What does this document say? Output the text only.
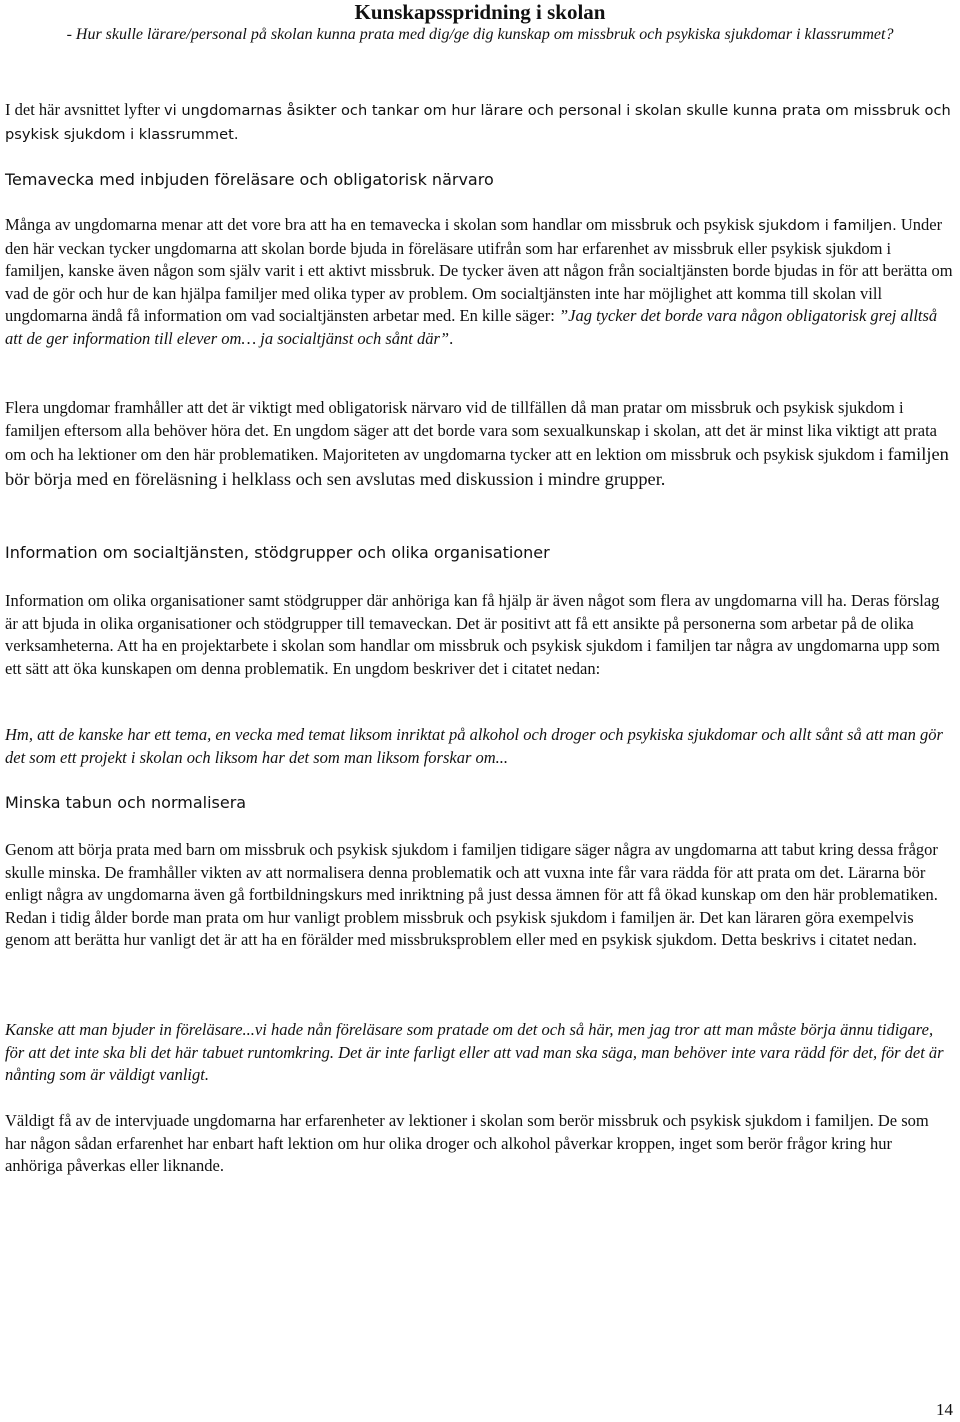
Kunskapsspridning i skolan
- Hur skulle lärare/personal på skolan kunna prata med dig/ge dig kunskap om missbruk och psykiska sjukdomar i klassrummet?

I det här avsnittet lyfter vi ungdomarnas åsikter och tankar om hur lärare och personal i skolan skulle kunna prata om missbruk och psykisk sjukdom i klassrummet.

Temavecka med inbjuden föreläsare och obligatorisk närvaro

Många av ungdomarna menar att det vore bra att ha en temavecka i skolan som handlar om missbruk och psykisk sjukdom i familjen. Under den här veckan tycker ungdomarna att skolan borde bjuda in föreläsare utifrån som har erfarenhet av missbruk eller psykisk sjukdom i familjen, kanske även någon som själv varit i ett aktivt missbruk. De tycker även att någon från socialtjänsten borde bjudas in för att berätta om vad de gör och hur de kan hjälpa familjer med olika typer av problem. Om socialtjänsten inte har möjlighet att komma till skolan vill ungdomarna ändå få information om vad socialtjänsten arbetar med. En kille säger: ”Jag tycker det borde vara någon obligatorisk grej alltså att de ger information till elever om… ja socialtjänst och sånt där”.

Flera ungdomar framhåller att det är viktigt med obligatorisk närvaro vid de tillfällen då man pratar om missbruk och psykisk sjukdom i familjen eftersom alla behöver höra det. En ungdom säger att det borde vara som sexualkunskap i skolan, att det är minst lika viktigt att prata om och ha lektioner om den här problematiken. Majoriteten av ungdomarna tycker att en lektion om missbruk och psykisk sjukdom i familjen bör börja med en föreläsning i helklass och sen avslutas med diskussion i mindre grupper.

Information om socialtjänsten, stödgrupper och olika organisationer

Information om olika organisationer samt stödgrupper där anhöriga kan få hjälp är även något som flera av ungdomarna vill ha. Deras förslag är att bjuda in olika organisationer och stödgrupper till temaveckan. Det är positivt att få ett ansikte på personerna som arbetar på de olika verksamheterna. Att ha en projektarbete i skolan som handlar om missbruk och psykisk sjukdom i familjen tar några av ungdomarna upp som ett sätt att öka kunskapen om denna problematik. En ungdom beskriver det i citatet nedan:

Hm, att de kanske har ett tema, en vecka med temat liksom inriktat på alkohol och droger och psykiska sjukdomar och allt sånt så att man gör det som ett projekt i skolan och liksom har det som man liksom forskar om...

Minska tabun och normalisera

Genom att börja prata med barn om missbruk och psykisk sjukdom i familjen tidigare säger några av ungdomarna att tabut kring dessa frågor skulle minska. De framhåller vikten av att normalisera denna problematik och att vuxna inte får vara rädda för att prata om det. Lärarna bör enligt några av ungdomarna även gå fortbildningskurs med inriktning på just dessa ämnen för att få ökad kunskap om den här problematiken. Redan i tidig ålder borde man prata om hur vanligt problem missbruk och psykisk sjukdom i familjen är. Det kan läraren göra exempelvis genom att berätta hur vanligt det är att ha en förälder med missbruksproblem eller med en psykisk sjukdom. Detta beskrivs i citatet nedan.

Kanske att man bjuder in föreläsare...vi hade nån föreläsare som pratade om det och så här, men jag tror att man måste börja ännu tidigare, för att det inte ska bli det här tabuet runtomkring. Det är inte farligt eller att vad man ska säga, man behöver inte vara rädd för det, för det är nånting som är väldigt vanligt.

Väldigt få av de intervjuade ungdomarna har erfarenheter av lektioner i skolan som berör missbruk och psykisk sjukdom i familjen. De som har någon sådan erfarenhet har enbart haft lektion om hur olika droger och alkohol påverkar kroppen, inget som berör frågor kring hur anhöriga påverkas eller liknande.

14
